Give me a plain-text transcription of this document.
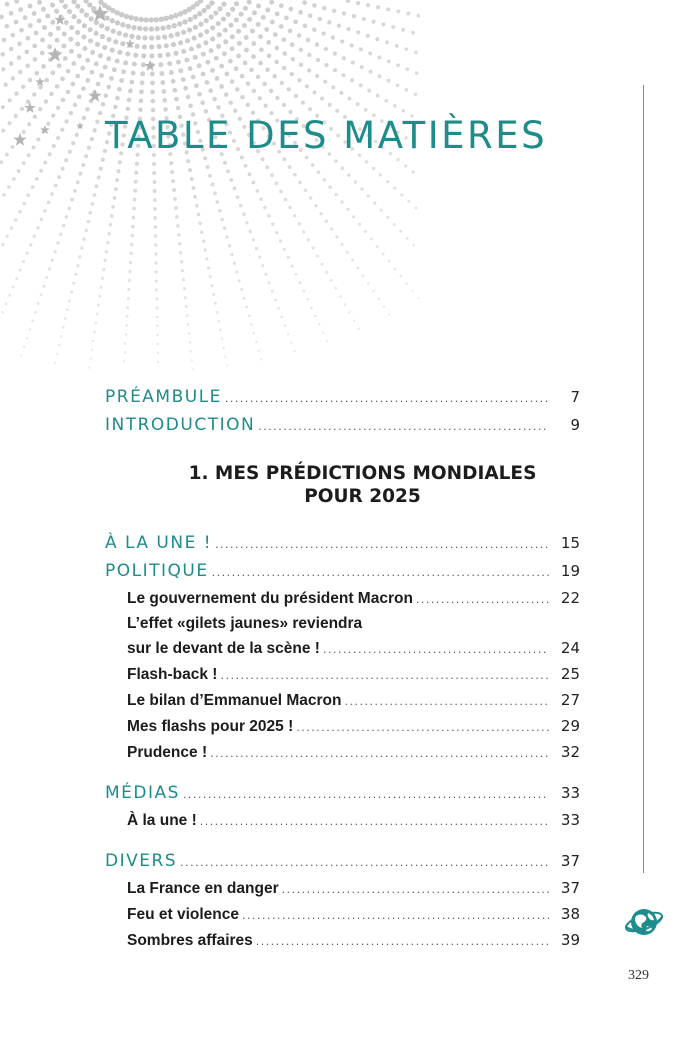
TABLE DES MATIÈRES
PRÉAMBULE .....	7
INTRODUCTION .....	9
1. MES PRÉDICTIONS MONDIALES
POUR 2025
À LA UNE ! .....	15
POLITIQUE .....	19
Le gouvernement du président Macron .....	22
L’effet «gilets jaunes» reviendra
sur le devant de la scène ! .....	24
Flash-back ! .....	25
Le bilan d’Emmanuel Macron .....	27
Mes flashs pour 2025 ! .....	29
Prudence ! .....	32
MÉDIAS .....	33
À la une ! .....	33
DIVERS .....	37
La France en danger .....	37
Feu et violence .....	38
Sombres affaires .....	39
329
